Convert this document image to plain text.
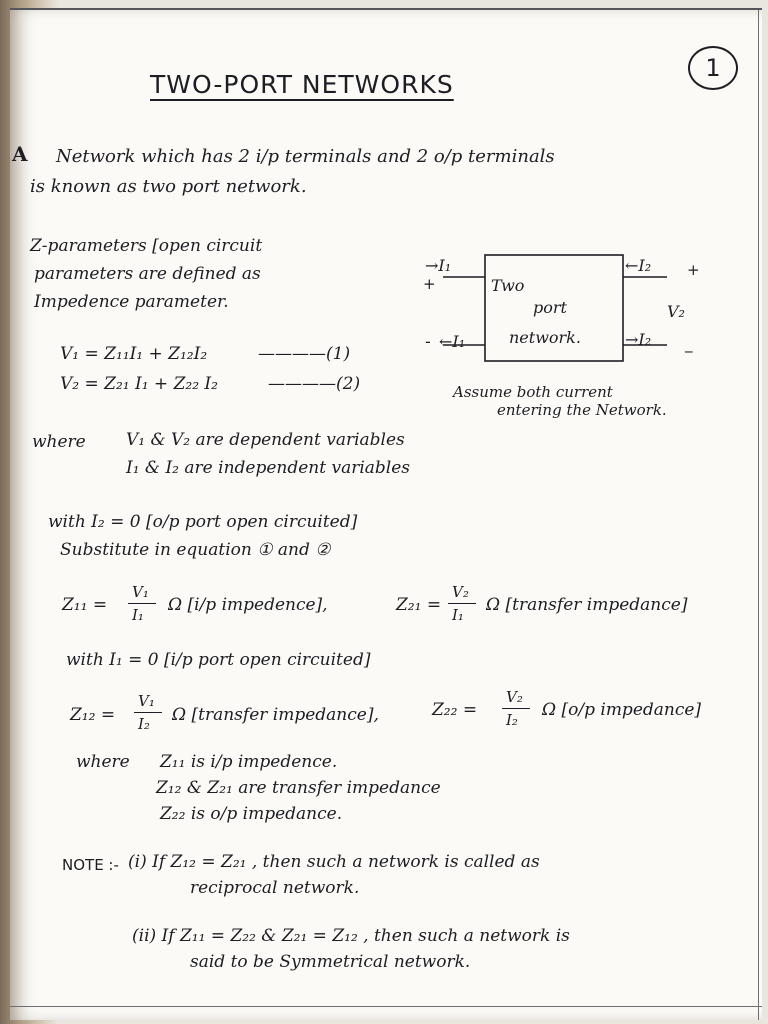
1
TWO-PORT NETWORKS
A Network which has 2 i/p terminals and 2 o/p terminals
is known as two port network.
Z-parameters [open circuit
parameters are defined as
Impedence parameter.
V₁ = Z₁₁I₁ + Z₁₂I₂	————(1)
V₂ = Z₂₁ I₁ + Z₂₂ I₂	————(2)
Two
port
network.
→I₁
+
- ←I₁
←I₂ +
V₂
→I₂ _
Assume both current
entering the Network.
where V₁ & V₂ are dependent variables
I₁ & I₂ are independent variables
with I₂ = 0 [o/p port open circuited]
Substitute in equation ① and ②
Z₁₁ =
V₁
I₁ Ω [i/p impedence],	Z₂₁ =
V₂
I₁ Ω [transfer impedance]
with I₁ = 0 [i/p port open circuited]
Z₁₂ =
V₁
I₂ Ω [transfer impedance],	Z₂₂ =
V₂
I₂ Ω [o/p impedance]
where Z₁₁ is i/p impedence.
Z₁₂ & Z₂₁ are transfer impedance
Z₂₂ is o/p impedance.
NOTE :- (i) If Z₁₂ = Z₂₁ , then such a network is called as
reciprocal network.
(ii) If Z₁₁ = Z₂₂ & Z₂₁ = Z₁₂ , then such a network is
said to be Symmetrical network.
